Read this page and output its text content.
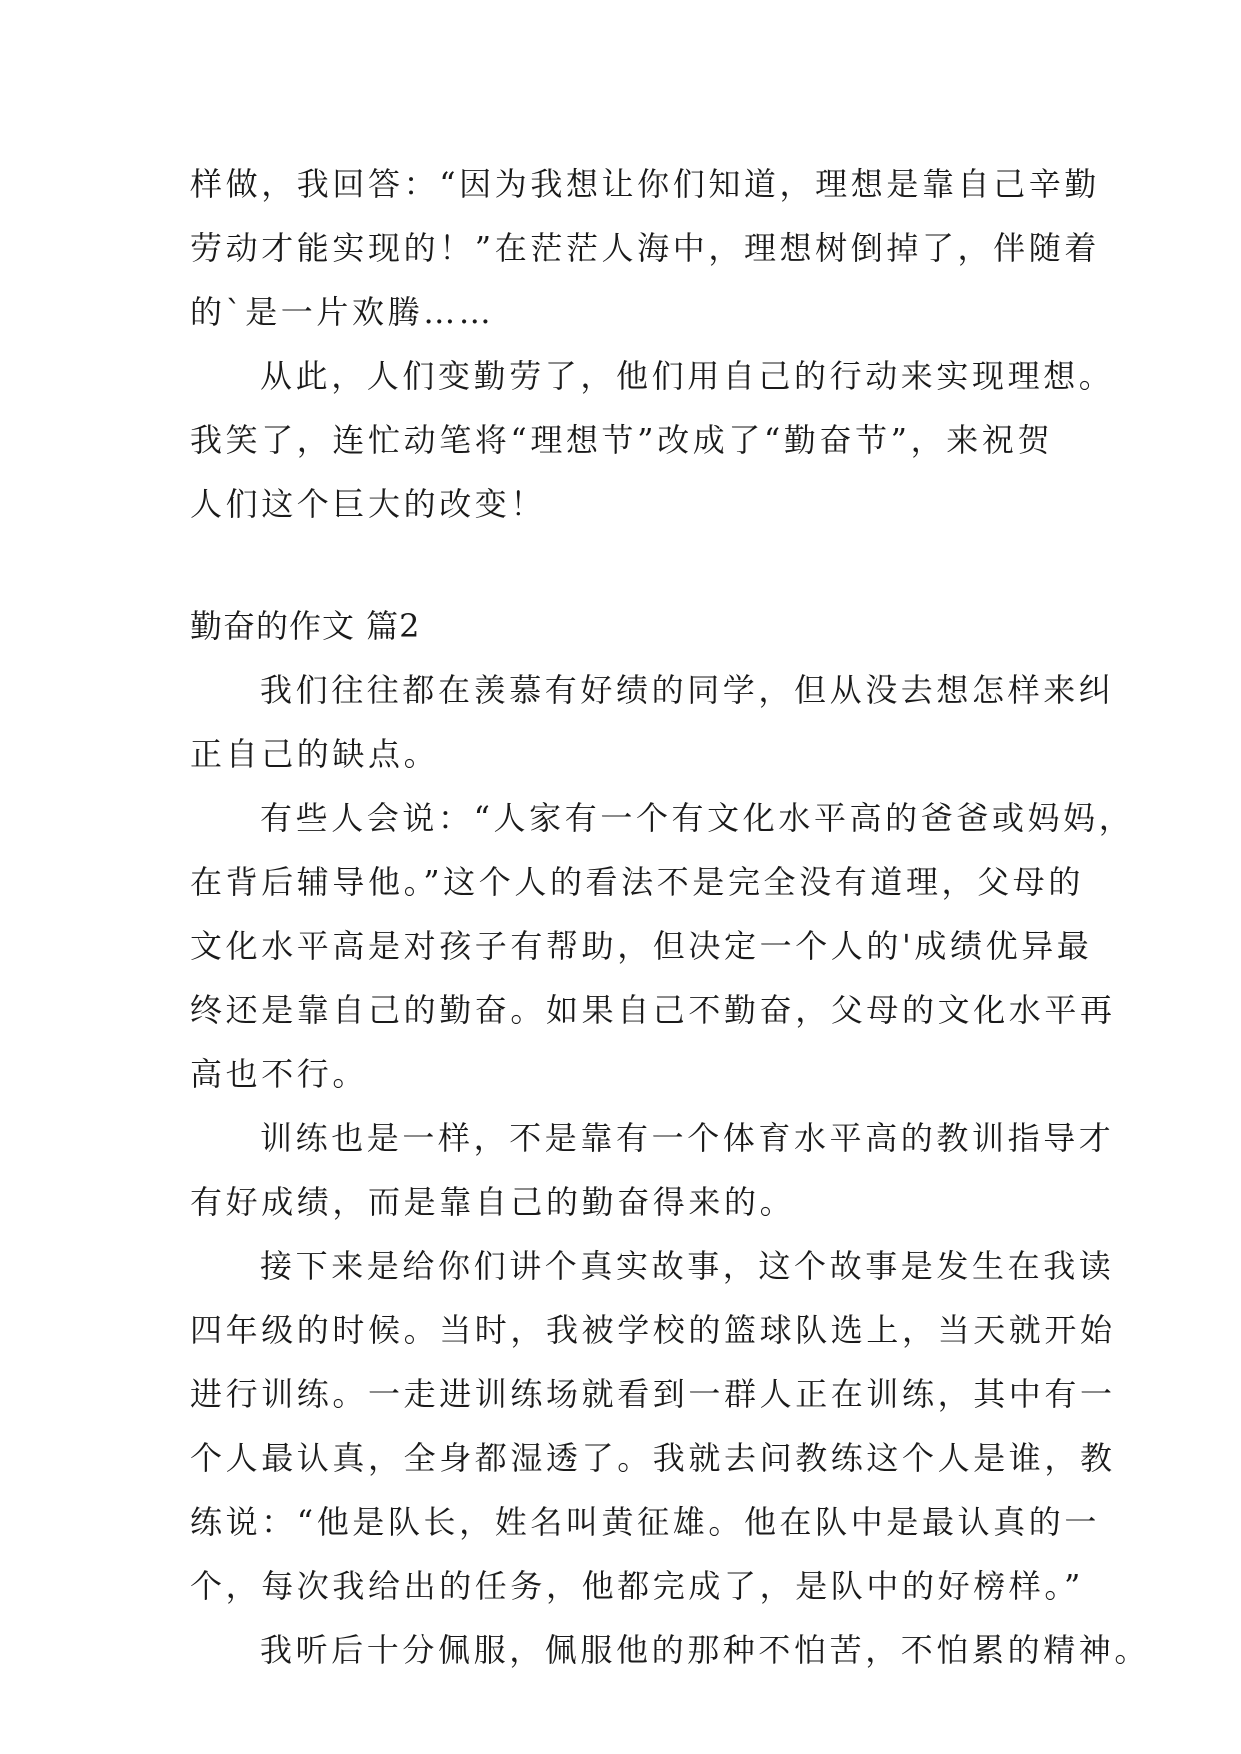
样做，我回答：“因为我想让你们知道，理想是靠自己辛勤
劳动才能实现的！”在茫茫人海中，理想树倒掉了，伴随着
的`是一片欢腾……
从此，人们变勤劳了，他们用自己的行动来实现理想。
我笑了，连忙动笔将“理想节”改成了“勤奋节”，来祝贺
人们这个巨大的改变！
勤奋的作文 篇2
我们往往都在羡慕有好绩的同学，但从没去想怎样来纠
正自己的缺点。
有些人会说：“人家有一个有文化水平高的爸爸或妈妈，
在背后辅导他。”这个人的看法不是完全没有道理，父母的
文化水平高是对孩子有帮助，但决定一个人的'成绩优异最
终还是靠自己的勤奋。如果自己不勤奋，父母的文化水平再
高也不行。
训练也是一样，不是靠有一个体育水平高的教训指导才
有好成绩，而是靠自己的勤奋得来的。
接下来是给你们讲个真实故事，这个故事是发生在我读
四年级的时候。当时，我被学校的篮球队选上，当天就开始
进行训练。一走进训练场就看到一群人正在训练，其中有一
个人最认真，全身都湿透了。我就去问教练这个人是谁，教
练说：“他是队长，姓名叫黄征雄。他在队中是最认真的一
个，每次我给出的任务，他都完成了，是队中的好榜样。”
我听后十分佩服，佩服他的那种不怕苦，不怕累的精神。
